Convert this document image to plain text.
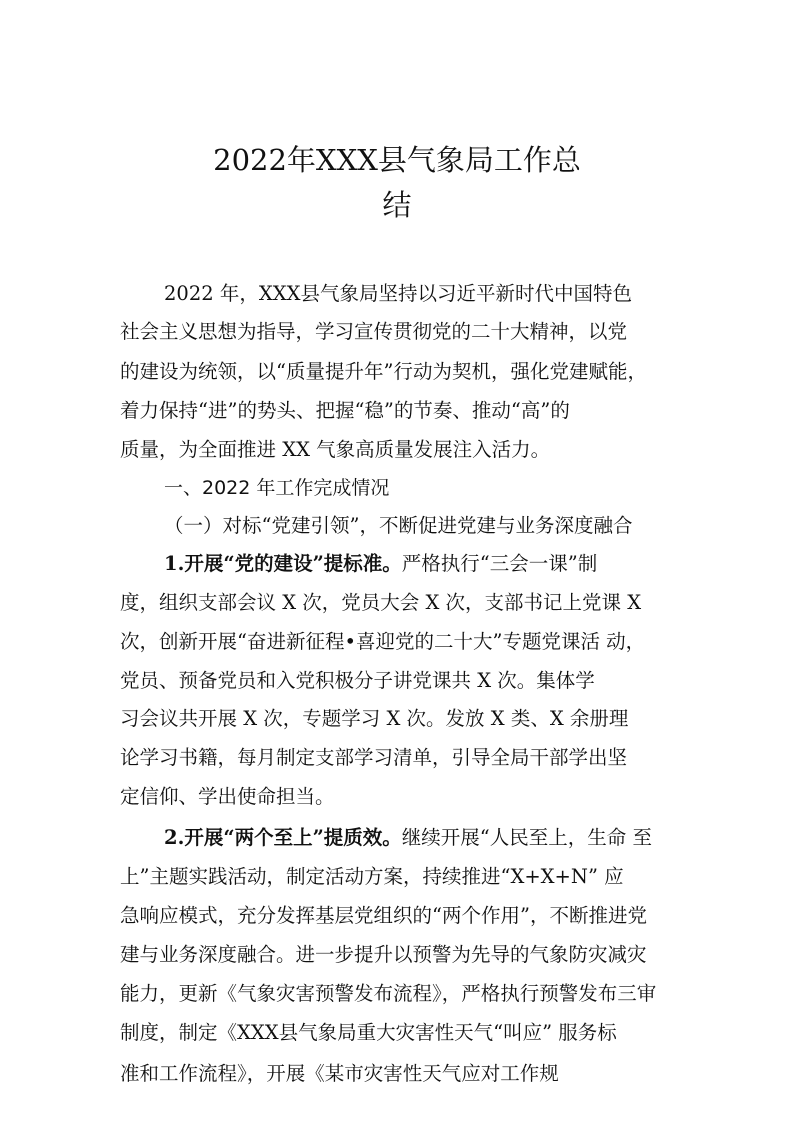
2022年XXX县气象局工作总
结
2022 年，XXX县气象局坚持以习近平新时代中国特色
社会主义思想为指导，学习宣传贯彻党的二十大精神，以党
的建设为统领，以“质量提升年”行动为契机，强化党建赋能，
着力保持“进”的势头、把握“稳”的节奏、推动“高”的
质量，为全面推进 XX 气象高质量发展注入活力。
一、2022 年工作完成情况
（一）对标“党建引领”，不断促进党建与业务深度融合
1.开展“党的建设”提标准。严格执行“三会一课”制
度，组织支部会议 X 次，党员大会 X 次，支部书记上党课 X
次，创新开展“奋进新征程•喜迎党的二十大”专题党课活 动，
党员、预备党员和入党积极分子讲党课共 X 次。集体学
习会议共开展 X 次，专题学习 X 次。发放 X 类、X 余册理
论学习书籍，每月制定支部学习清单，引导全局干部学出坚
定信仰、学出使命担当。
2.开展“两个至上”提质效。继续开展“人民至上，生命 至
上”主题实践活动，制定活动方案，持续推进“X+X+N” 应
急响应模式，充分发挥基层党组织的“两个作用”，不断推进党
建与业务深度融合。进一步提升以预警为先导的气象防灾减灾
能力，更新《气象灾害预警发布流程》，严格执行预警发布三审
制度，制定《XXX县气象局重大灾害性天气“叫应” 服务标
准和工作流程》，开展《某市灾害性天气应对工作规
